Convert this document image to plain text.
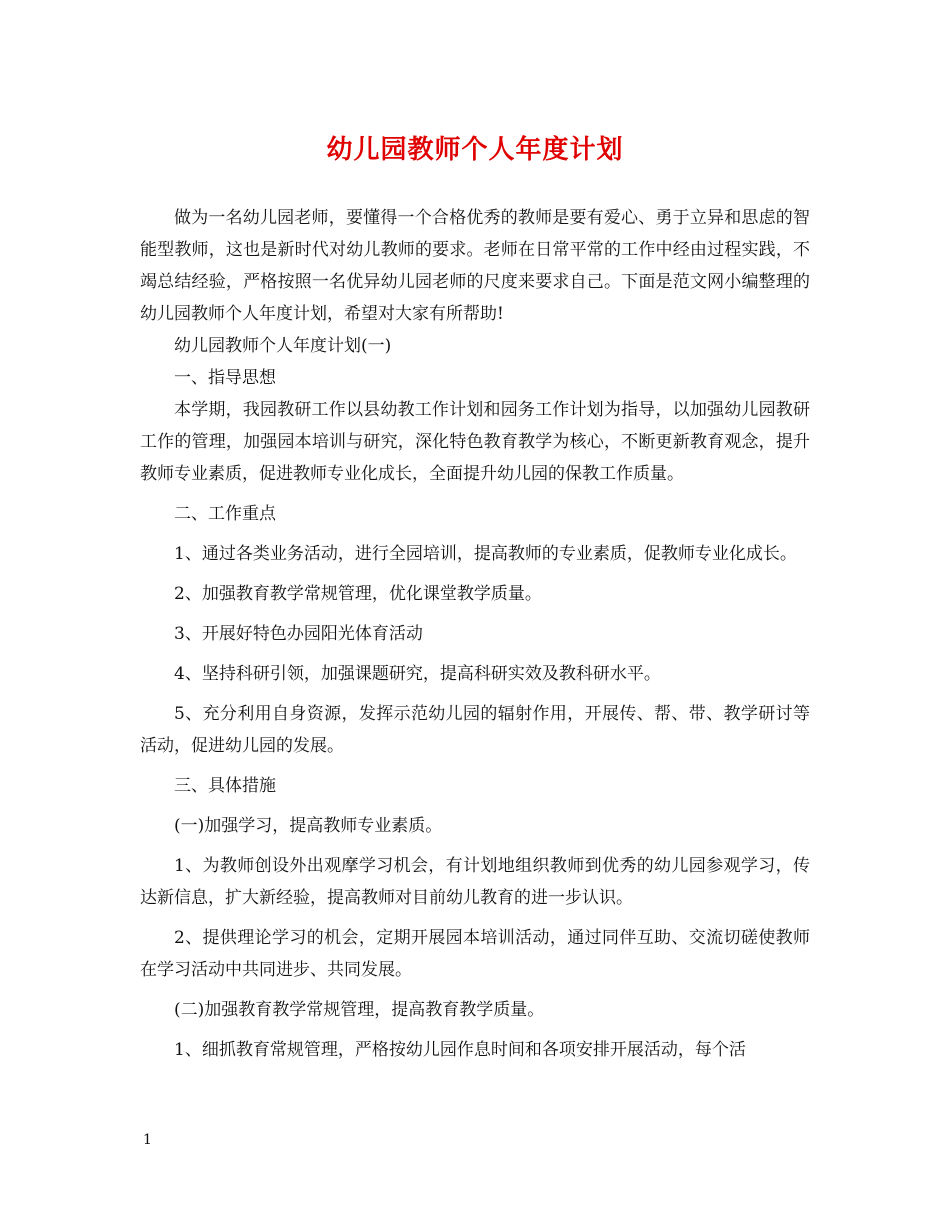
幼儿园教师个人年度计划

做为一名幼儿园老师，要懂得一个合格优秀的教师是要有爱心、勇于立异和思虑的智能型教师，这也是新时代对幼儿教师的要求。老师在日常平常的工作中经由过程实践，不竭总结经验，严格按照一名优异幼儿园老师的尺度来要求自己。下面是范文网小编整理的幼儿园教师个人年度计划，希望对大家有所帮助!

幼儿园教师个人年度计划(一)

一、指导思想

本学期，我园教研工作以县幼教工作计划和园务工作计划为指导，以加强幼儿园教研工作的管理，加强园本培训与研究，深化特色教育教学为核心，不断更新教育观念，提升教师专业素质，促进教师专业化成长，全面提升幼儿园的保教工作质量。

二、工作重点

1、通过各类业务活动，进行全园培训，提高教师的专业素质，促教师专业化成长。

2、加强教育教学常规管理，优化课堂教学质量。

3、开展好特色办园阳光体育活动

4、坚持科研引领，加强课题研究，提高科研实效及教科研水平。

5、充分利用自身资源，发挥示范幼儿园的辐射作用，开展传、帮、带、教学研讨等活动，促进幼儿园的发展。

三、具体措施

(一)加强学习，提高教师专业素质。

1、为教师创设外出观摩学习机会，有计划地组织教师到优秀的幼儿园参观学习，传达新信息，扩大新经验，提高教师对目前幼儿教育的进一步认识。

2、提供理论学习的机会，定期开展园本培训活动，通过同伴互助、交流切磋使教师在学习活动中共同进步、共同发展。

(二)加强教育教学常规管理，提高教育教学质量。

1、细抓教育常规管理，严格按幼儿园作息时间和各项安排开展活动，每个活

1
